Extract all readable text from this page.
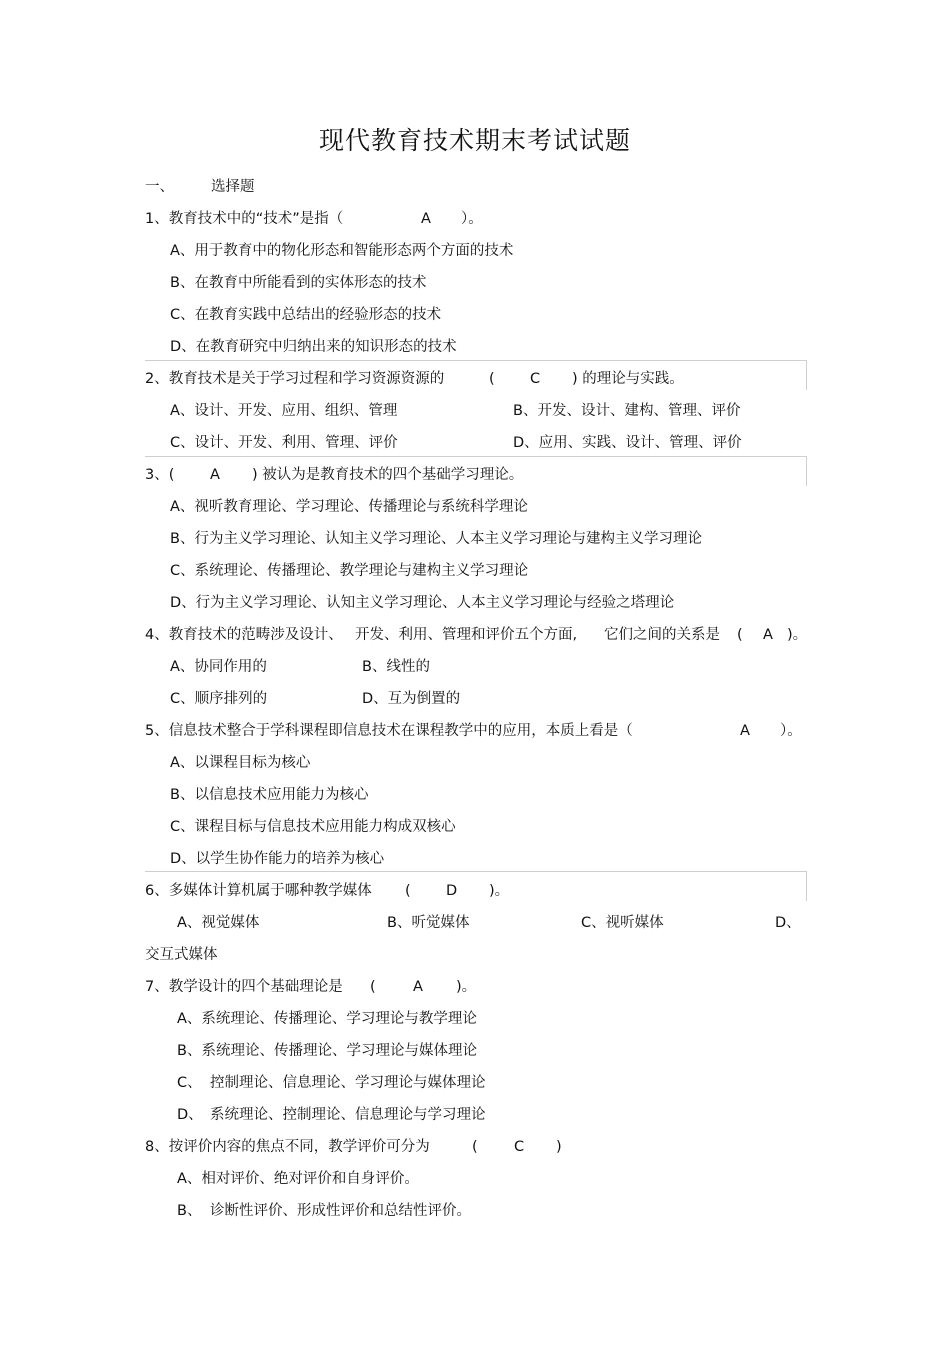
现代教育技术期末考试试题
一、	选择题
1、教育技术中的“技术”是指（	A ）。
A、用于教育中的物化形态和智能形态两个方面的技术
B、在教育中所能看到的实体形态的技术
C、在教育实践中总结出的经验形态的技术
D、在教育研究中归纳出来的知识形态的技术
2、教育技术是关于学习过程和学习资源资源的	( C ) 的理论与实践。
A、设计、开发、应用、组织、管理	B、开发、设计、建构、管理、评价
C、设计、开发、利用、管理、评价	D、应用、实践、设计、管理、评价
3、( A ) 被认为是教育技术的四个基础学习理论。
A、视听教育理论、学习理论、传播理论与系统科学理论
B、行为主义学习理论、认知主义学习理论、人本主义学习理论与建构主义学习理论
C、系统理论、传播理论、教学理论与建构主义学习理论
D、行为主义学习理论、认知主义学习理论、人本主义学习理论与经验之塔理论
4、教育技术的范畴涉及设计、 开发、利用、管理和评价五个方面, 它们之间的关系是 ( A )。
A、协同作用的	B、线性的
C、顺序排列的	D、互为倒置的
5、信息技术整合于学科课程即信息技术在课程教学中的应用，本质上看是（	A ）。
A、以课程目标为核心
B、以信息技术应用能力为核心
C、课程目标与信息技术应用能力构成双核心
D、以学生协作能力的培养为核心
6、多媒体计算机属于哪种教学媒体 ( D )。
A、视觉媒体	B、听觉媒体	C、视听媒体	D、
交互式媒体
7、教学设计的四个基础理论是 (	A )。
A、系统理论、传播理论、学习理论与教学理论
B、系统理论、传播理论、学习理论与媒体理论
C、 控制理论、信息理论、学习理论与媒体理论
D、 系统理论、控制理论、信息理论与学习理论
8、按评价内容的焦点不同，教学评价可分为	(	C )
A、相对评价、绝对评价和自身评价。
B、 诊断性评价、形成性评价和总结性评价。
